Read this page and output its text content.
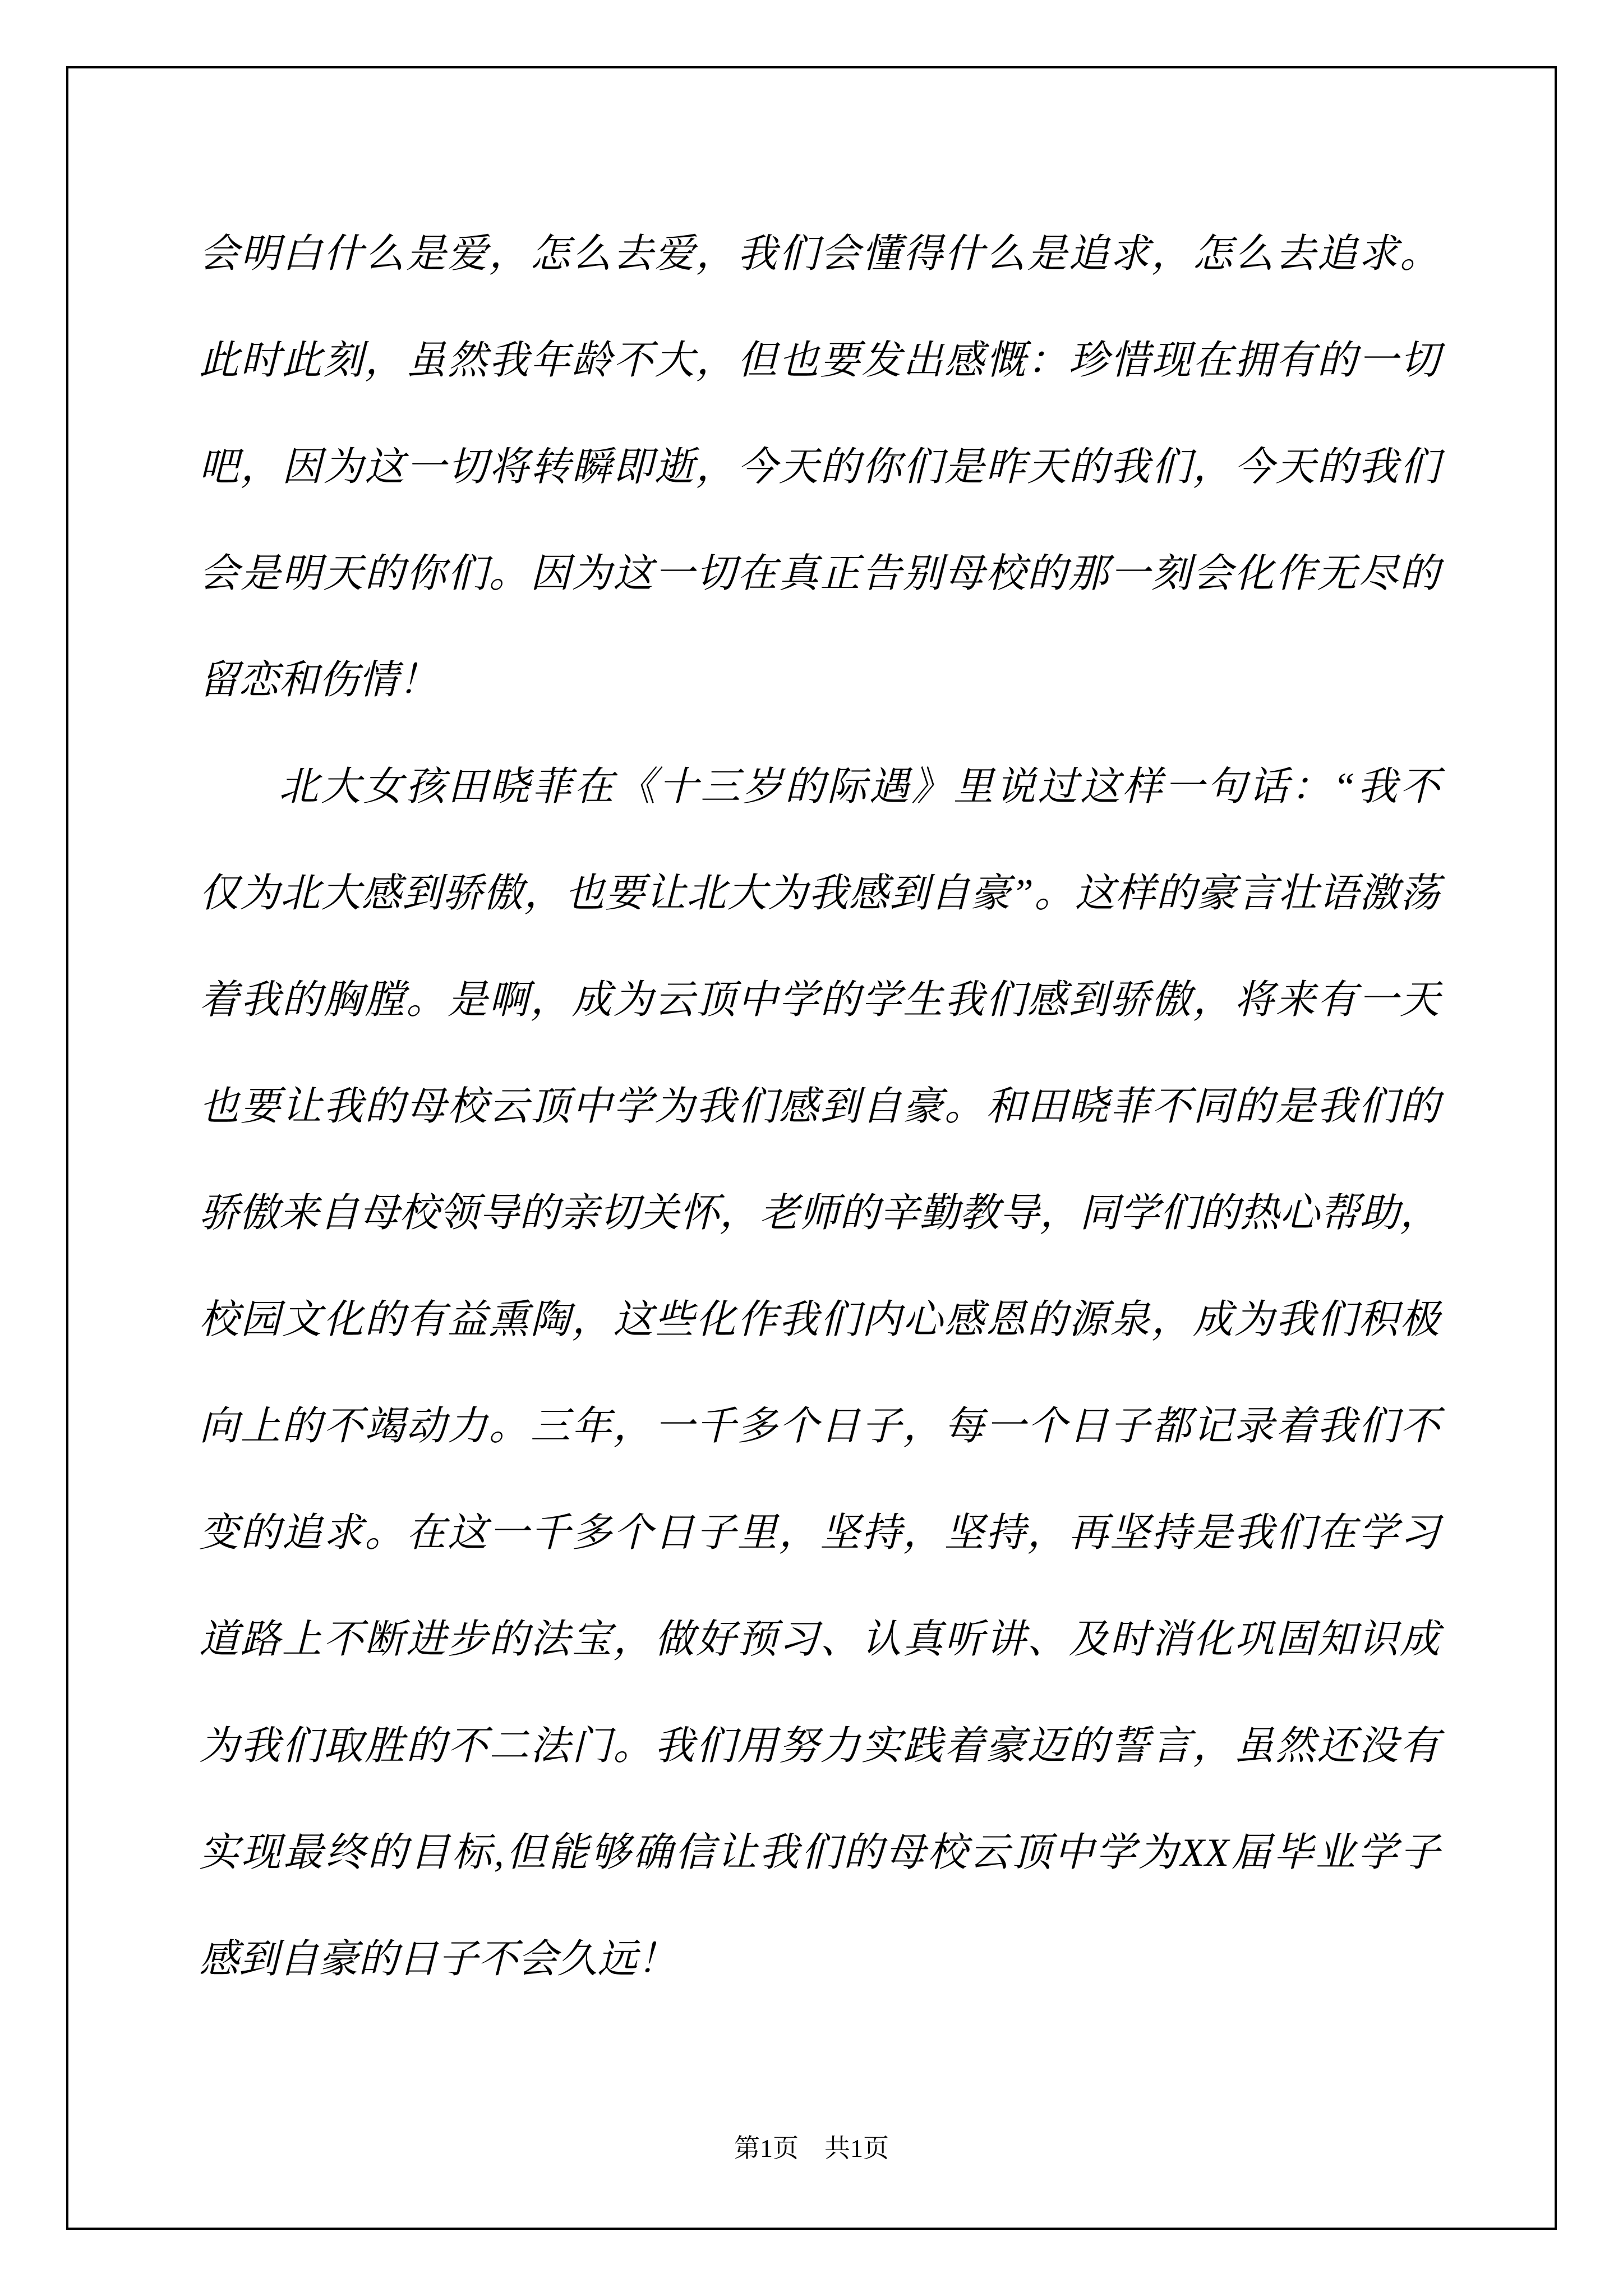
会明白什么是爱，怎么去爱，我们会懂得什么是追求，怎么去追求。
此时此刻，虽然我年龄不大，但也要发出感慨：珍惜现在拥有的一切
吧，因为这一切将转瞬即逝，今天的你们是昨天的我们，今天的我们
会是明天的你们。因为这一切在真正告别母校的那一刻会化作无尽的
留恋和伤情！
北大女孩田晓菲在《十三岁的际遇》里说过这样一句话：“我不
仅为北大感到骄傲，也要让北大为我感到自豪”。这样的豪言壮语激荡
着我的胸膛。是啊，成为云顶中学的学生我们感到骄傲，将来有一天
也要让我的母校云顶中学为我们感到自豪。和田晓菲不同的是我们的
骄傲来自母校领导的亲切关怀，老师的辛勤教导，同学们的热心帮助，
校园文化的有益熏陶，这些化作我们内心感恩的源泉，成为我们积极
向上的不竭动力。三年，一千多个日子，每一个日子都记录着我们不
变的追求。在这一千多个日子里，坚持，坚持，再坚持是我们在学习
道路上不断进步的法宝，做好预习、认真听讲、及时消化巩固知识成
为我们取胜的不二法门。我们用努力实践着豪迈的誓言，虽然还没有
实现最终的目标,但能够确信让我们的母校云顶中学为XX届毕业学子
感到自豪的日子不会久远！
第1页　共1页
